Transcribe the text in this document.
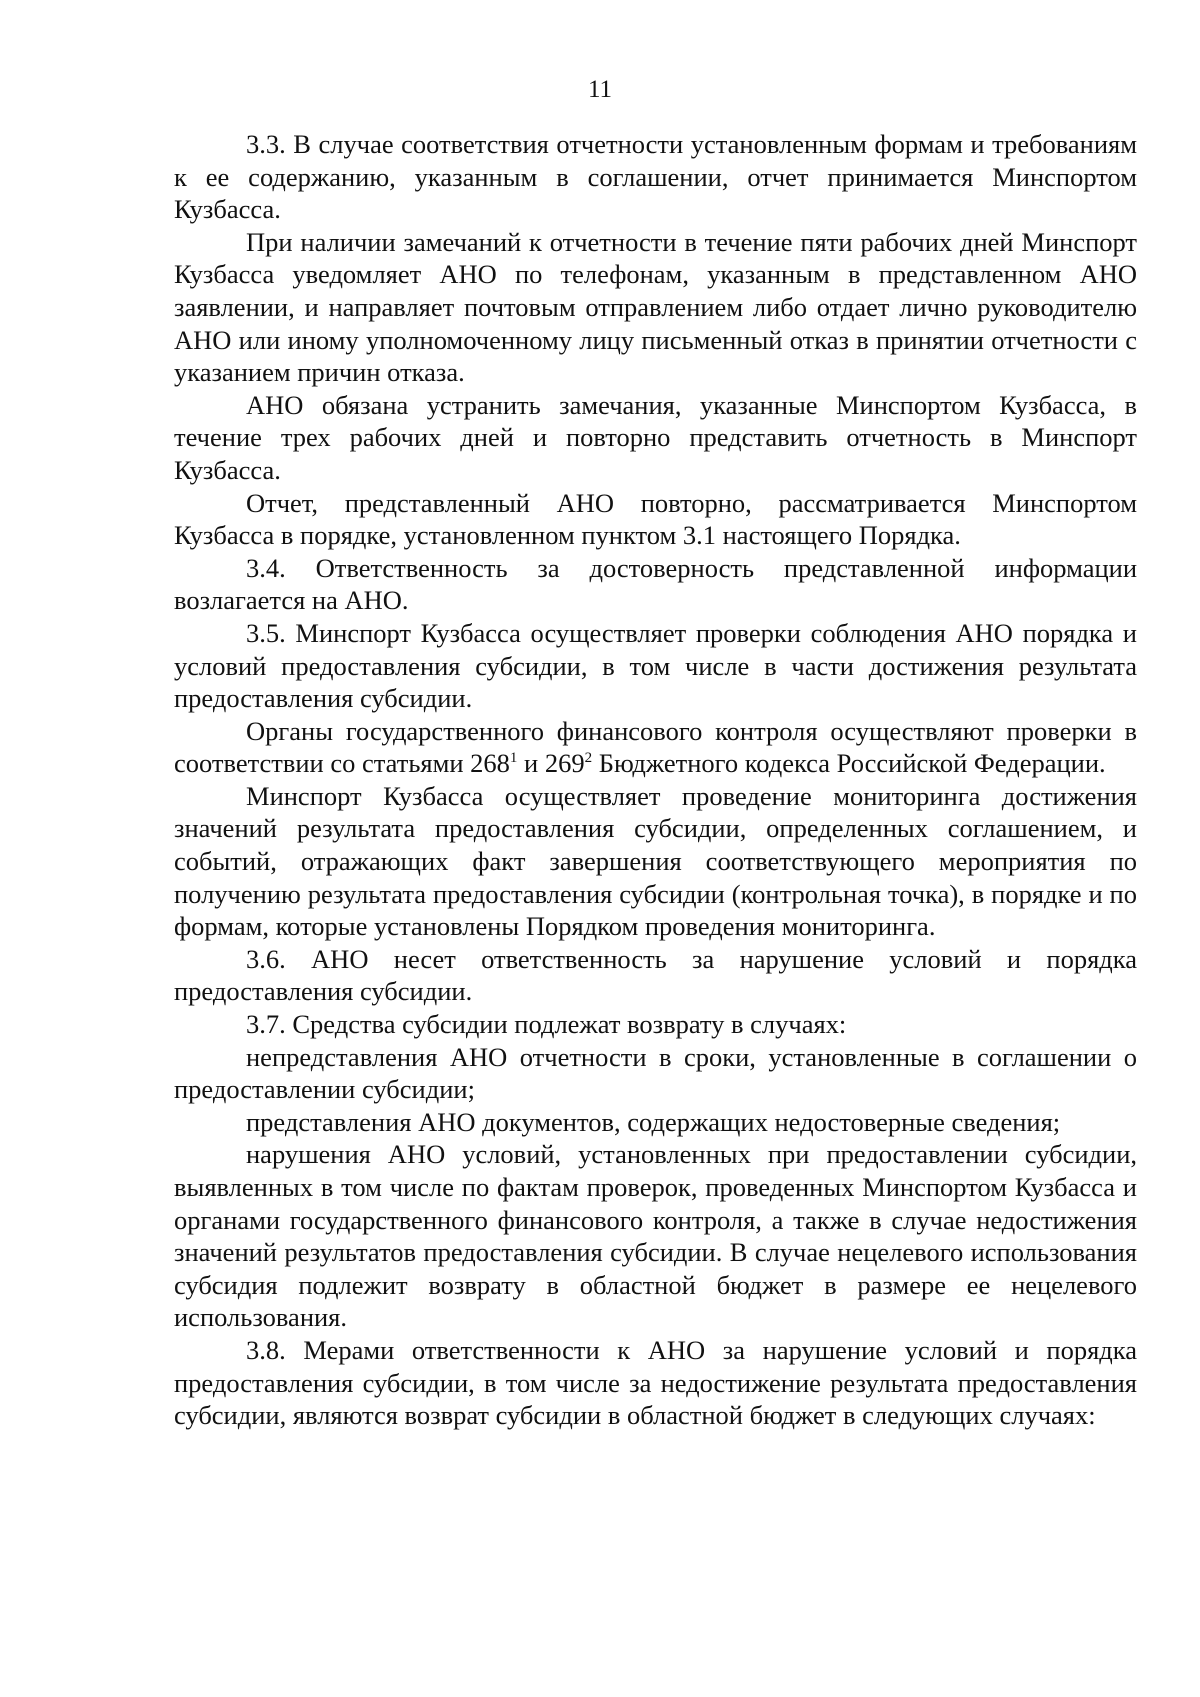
11

3.3. В случае соответствия отчетности установленным формам и требованиям к ее содержанию, указанным в соглашении, отчет принимается Минспортом Кузбасса.

При наличии замечаний к отчетности в течение пяти рабочих дней Минспорт Кузбасса уведомляет АНО по телефонам, указанным в представленном АНО заявлении, и направляет почтовым отправлением либо отдает лично руководителю АНО или иному уполномоченному лицу письменный отказ в принятии отчетности с указанием причин отказа.

АНО обязана устранить замечания, указанные Минспортом Кузбасса, в течение трех рабочих дней и повторно представить отчетность в Минспорт Кузбасса.

Отчет, представленный АНО повторно, рассматривается Минспортом Кузбасса в порядке, установленном пунктом 3.1 настоящего Порядка.

3.4. Ответственность за достоверность представленной информации возлагается на АНО.

3.5. Минспорт Кузбасса осуществляет проверки соблюдения АНО порядка и условий предоставления субсидии, в том числе в части достижения результата предоставления субсидии.

Органы государственного финансового контроля осуществляют проверки в соответствии со статьями $268^1$ и $269^2$ Бюджетного кодекса Российской Федерации.

Минспорт Кузбасса осуществляет проведение мониторинга достижения значений результата предоставления субсидии, определенных соглашением, и событий, отражающих факт завершения соответствующего мероприятия по получению результата предоставления субсидии (контрольная точка), в порядке и по формам, которые установлены Порядком проведения мониторинга.

3.6. АНО несет ответственность за нарушение условий и порядка предоставления субсидии.

3.7. Средства субсидии подлежат возврату в случаях:

непредставления АНО отчетности в сроки, установленные в соглашении о предоставлении субсидии;

представления АНО документов, содержащих недостоверные сведения;

нарушения АНО условий, установленных при предоставлении субсидии, выявленных в том числе по фактам проверок, проведенных Минспортом Кузбасса и органами государственного финансового контроля, а также в случае недостижения значений результатов предоставления субсидии. В случае нецелевого использования субсидия подлежит возврату в областной бюджет в размере ее нецелевого использования.

3.8. Мерами ответственности к АНО за нарушение условий и порядка предоставления субсидии, в том числе за недостижение результата предоставления субсидии, являются возврат субсидии в областной бюджет в следующих случаях:
